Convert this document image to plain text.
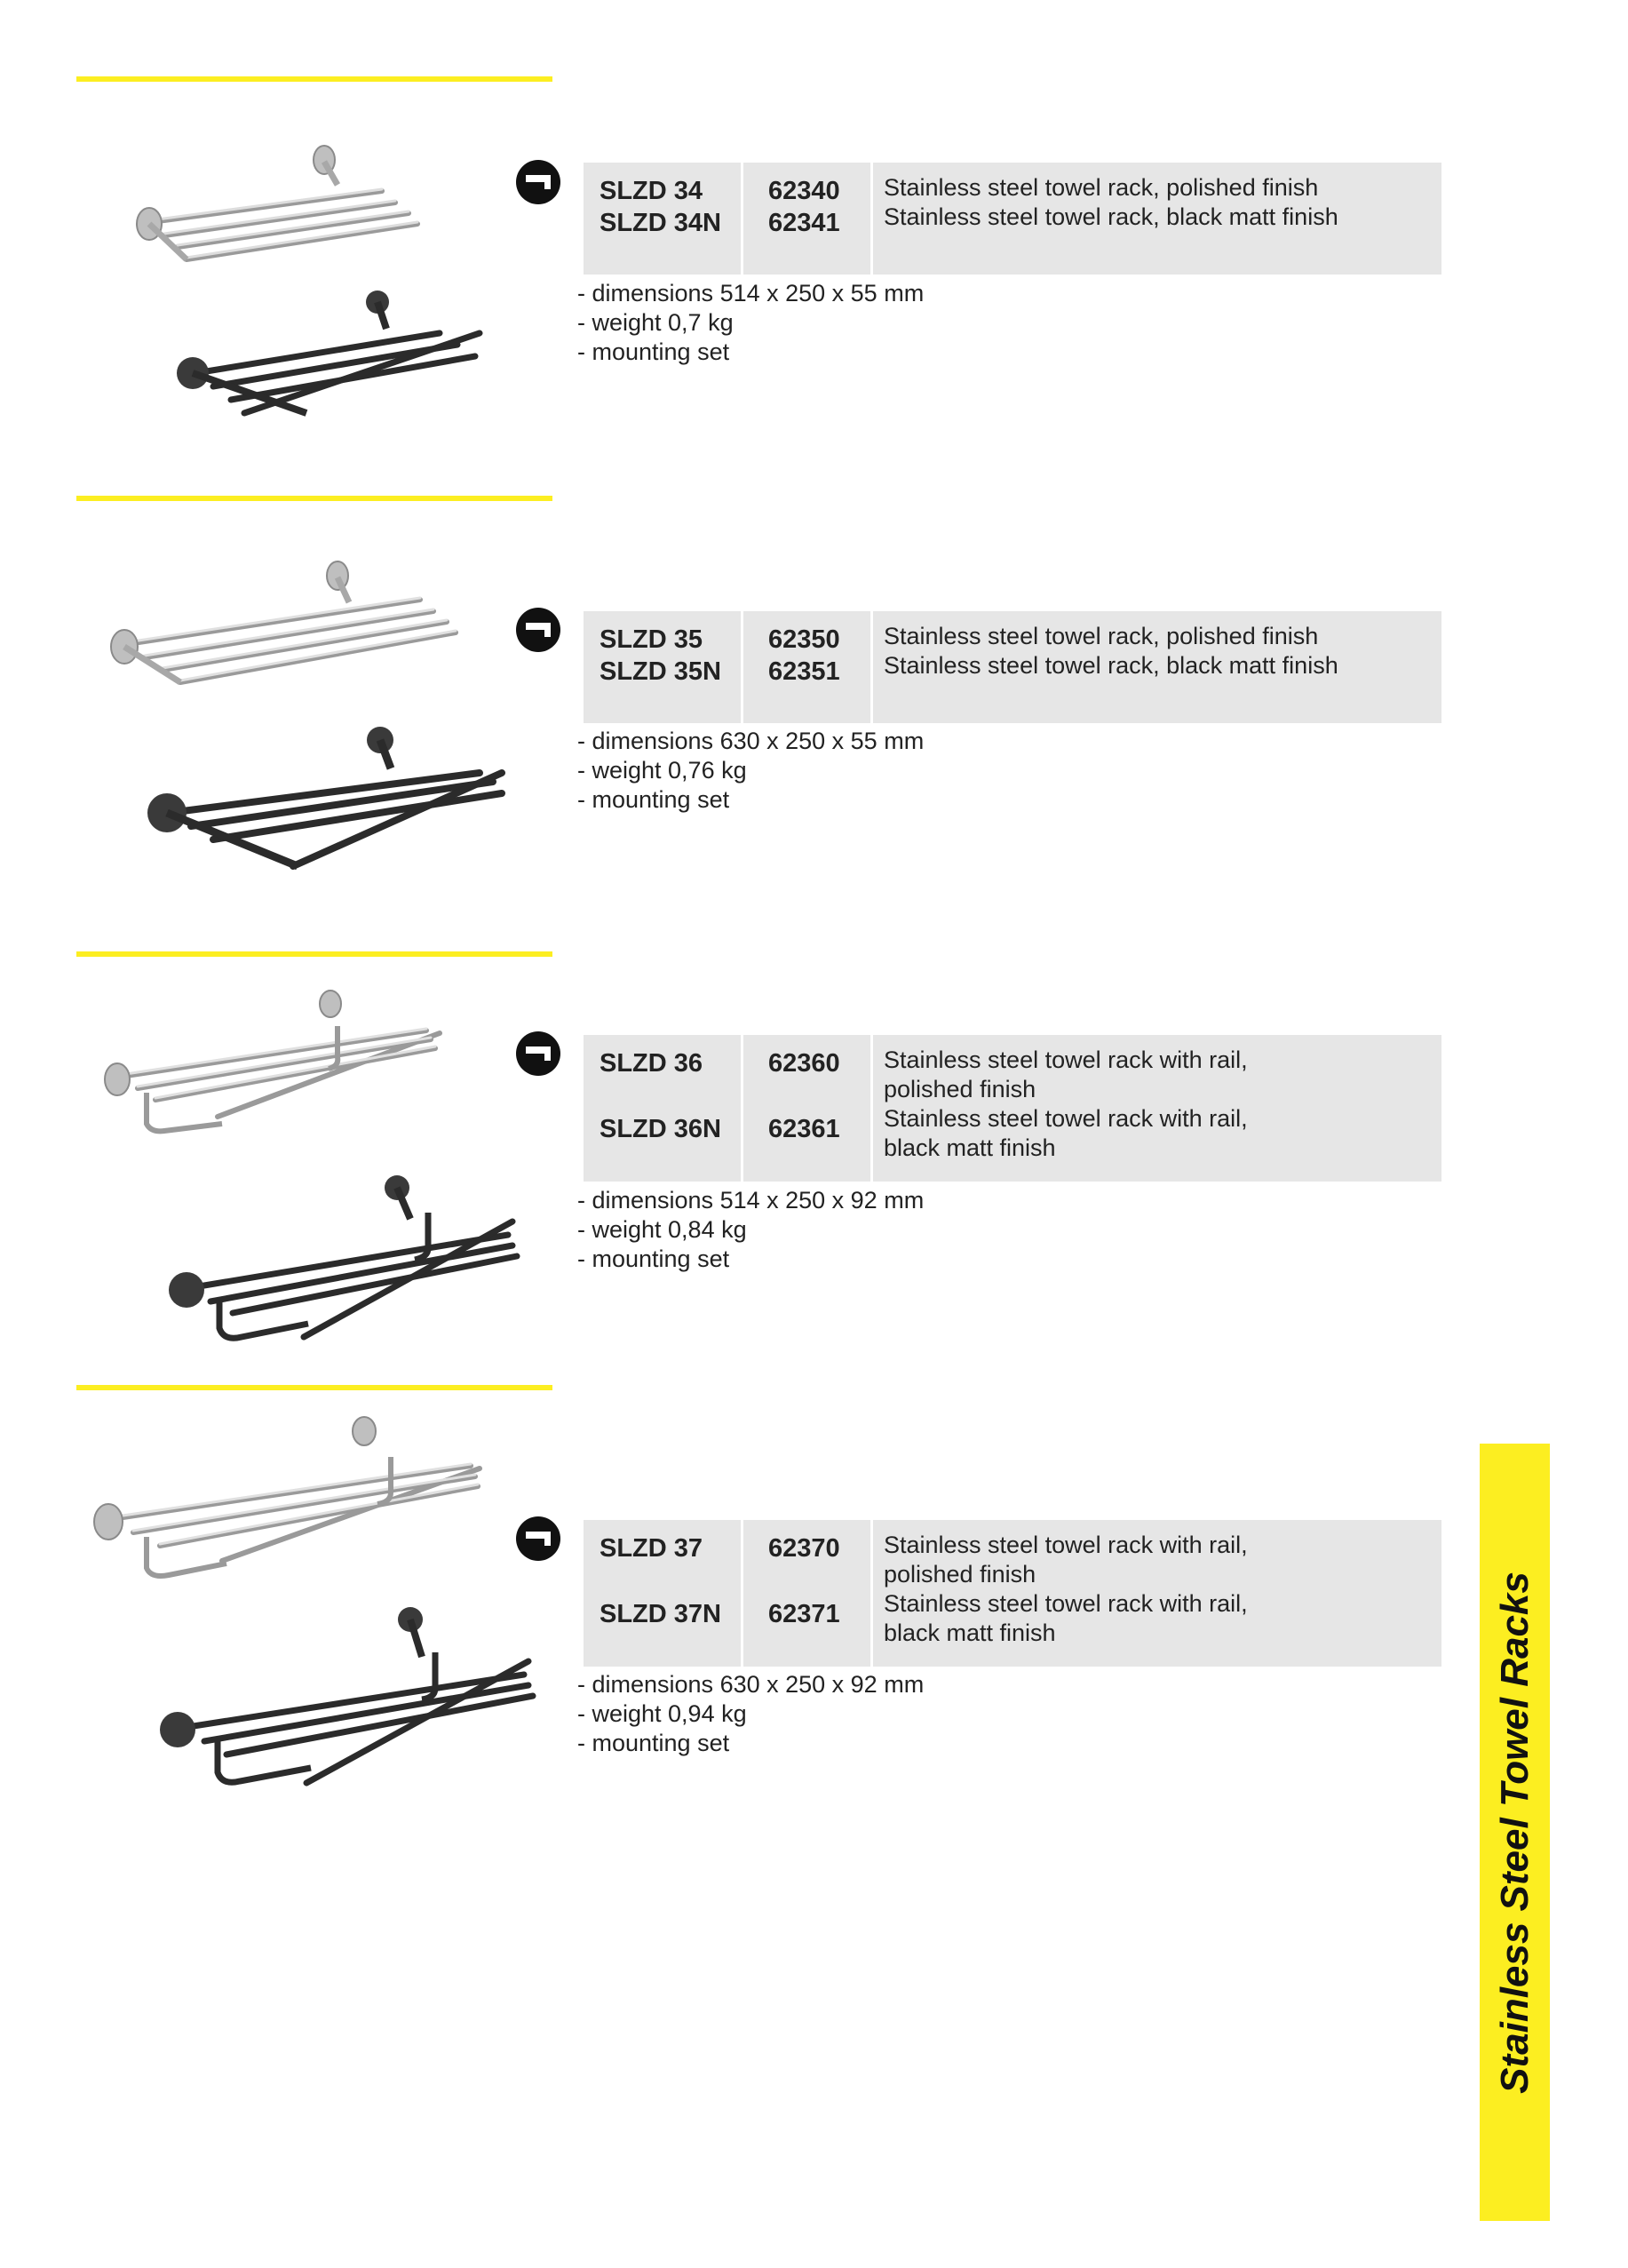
SLZD 34
SLZD 34N
62340
62341
Stainless steel towel rack, polished finish
Stainless steel towel rack, black matt finish
- dimensions 514 x 250 x 55 mm
- weight 0,7 kg
- mounting set
SLZD 35
SLZD 35N
62350
62351
Stainless steel towel rack, polished finish
Stainless steel towel rack, black matt finish
- dimensions 630 x 250 x 55 mm
- weight 0,76 kg
- mounting set
SLZD 36
SLZD 36N
62360
62361
Stainless steel towel rack with rail,
polished finish
Stainless steel towel rack with rail,
black matt finish
- dimensions 514 x 250 x 92 mm
- weight 0,84 kg
- mounting set
SLZD 37
SLZD 37N
62370
62371
Stainless steel towel rack with rail,
polished finish
Stainless steel towel rack with rail,
black matt finish
- dimensions 630 x 250 x 92 mm
- weight 0,94 kg
- mounting set	Stainless Steel Towel Racks
